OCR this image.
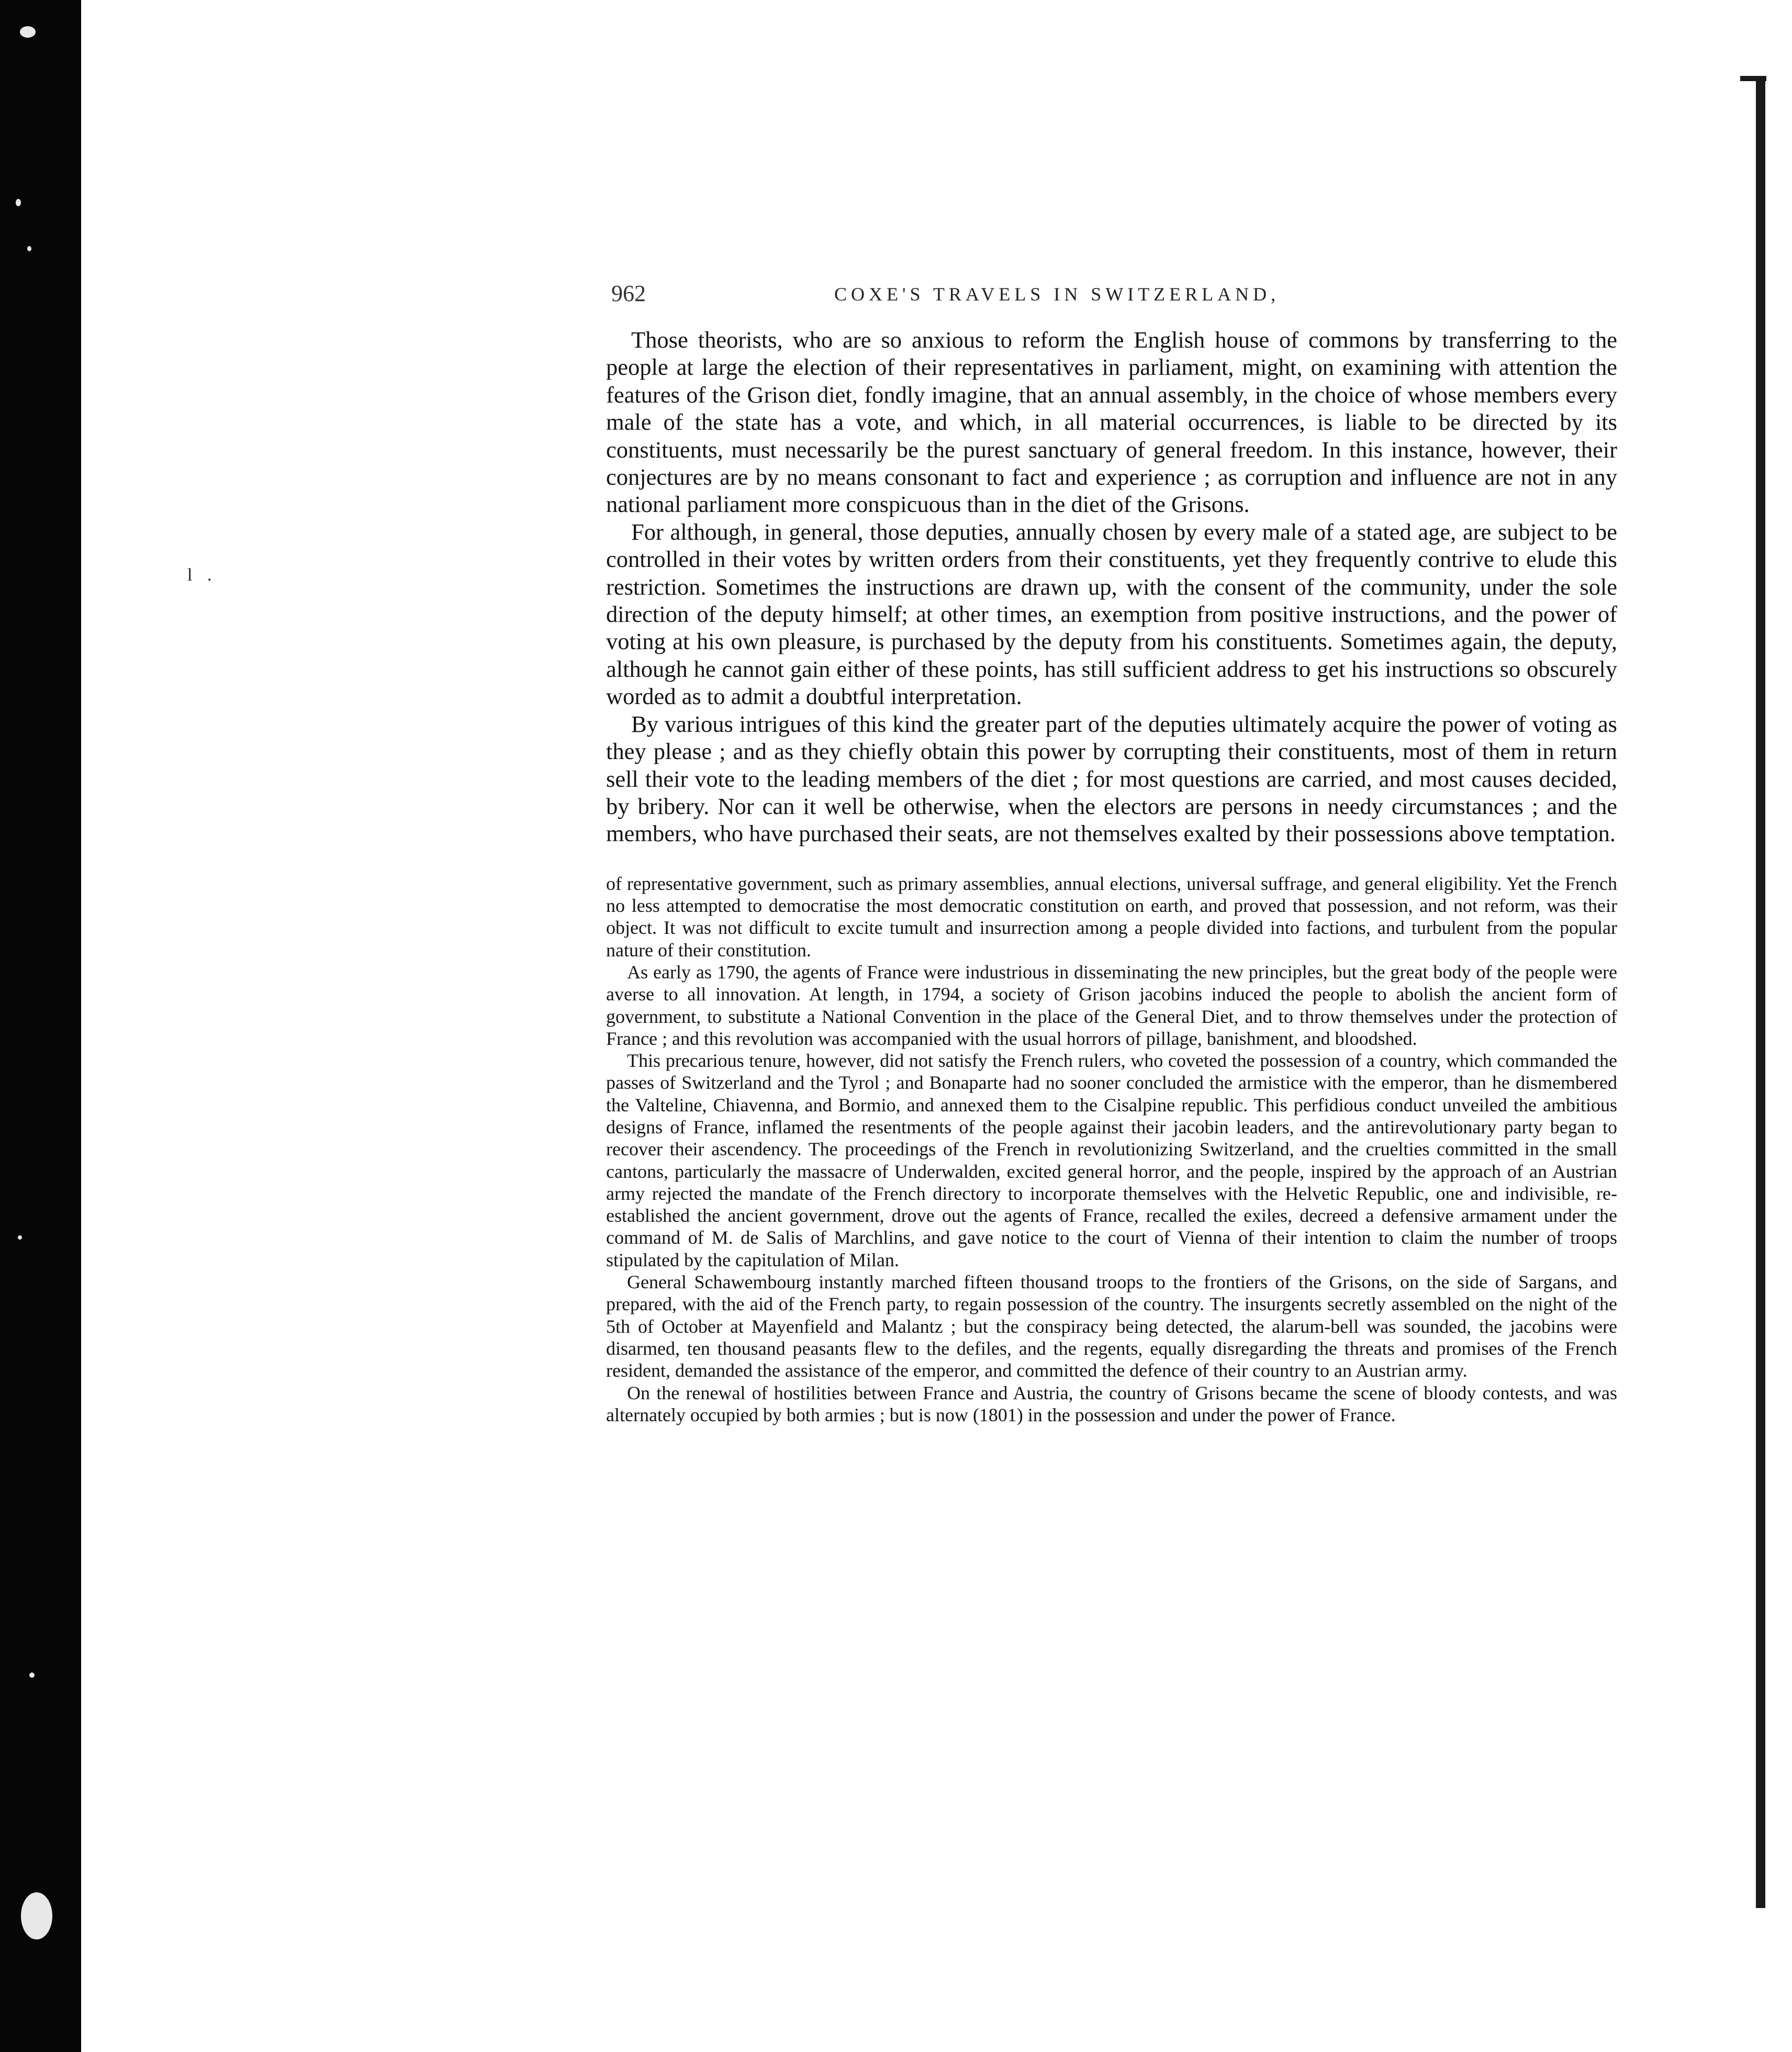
l .
962	COXE'S TRAVELS IN SWITZERLAND,

Those theorists, who are so anxious to reform the English house of commons by transferring to the people at large the election of their representatives in parliament, might, on examining with attention the features of the Grison diet, fondly imagine, that an annual assembly, in the choice of whose members every male of the state has a vote, and which, in all material occurrences, is liable to be directed by its constituents, must necessarily be the purest sanctuary of general freedom. In this instance, however, their conjectures are by no means consonant to fact and experience ; as corruption and influence are not in any national parliament more conspicuous than in the diet of the Grisons.

For although, in general, those deputies, annually chosen by every male of a stated age, are subject to be controlled in their votes by written orders from their constituents, yet they frequently contrive to elude this restriction. Sometimes the instructions are drawn up, with the consent of the community, under the sole direction of the deputy himself; at other times, an exemption from positive instructions, and the power of voting at his own pleasure, is purchased by the deputy from his constituents. Sometimes again, the deputy, although he cannot gain either of these points, has still sufficient address to get his instructions so obscurely worded as to admit a doubtful interpretation.

By various intrigues of this kind the greater part of the deputies ultimately acquire the power of voting as they please ; and as they chiefly obtain this power by corrupting their constituents, most of them in return sell their vote to the leading members of the diet ; for most questions are carried, and most causes decided, by bribery. Nor can it well be otherwise, when the electors are persons in needy circumstances ; and the members, who have purchased their seats, are not themselves exalted by their possessions above temptation.

of representative government, such as primary assemblies, annual elections, universal suffrage, and general eligibility. Yet the French no less attempted to democratise the most democratic constitution on earth, and proved that possession, and not reform, was their object. It was not difficult to excite tumult and insurrection among a people divided into factions, and turbulent from the popular nature of their constitution.

As early as 1790, the agents of France were industrious in disseminating the new principles, but the great body of the people were averse to all innovation. At length, in 1794, a society of Grison jacobins induced the people to abolish the ancient form of government, to substitute a National Convention in the place of the General Diet, and to throw themselves under the protection of France ; and this revolution was accompanied with the usual horrors of pillage, banishment, and bloodshed.

This precarious tenure, however, did not satisfy the French rulers, who coveted the possession of a country, which commanded the passes of Switzerland and the Tyrol ; and Bonaparte had no sooner concluded the armistice with the emperor, than he dismembered the Valteline, Chiavenna, and Bormio, and annexed them to the Cisalpine republic. This perfidious conduct unveiled the ambitious designs of France, inflamed the resentments of the people against their jacobin leaders, and the antirevolutionary party began to recover their ascendency. The proceedings of the French in revolutionizing Switzerland, and the cruelties committed in the small cantons, particularly the massacre of Underwalden, excited general horror, and the people, inspired by the approach of an Austrian army rejected the mandate of the French directory to incorporate themselves with the Helvetic Republic, one and indivisible, re-established the ancient government, drove out the agents of France, recalled the exiles, decreed a defensive armament under the command of M. de Salis of Marchlins, and gave notice to the court of Vienna of their intention to claim the number of troops stipulated by the capitulation of Milan.

General Schawembourg instantly marched fifteen thousand troops to the frontiers of the Grisons, on the side of Sargans, and prepared, with the aid of the French party, to regain possession of the country. The insurgents secretly assembled on the night of the 5th of October at Mayenfield and Malantz ; but the conspiracy being detected, the alarum-bell was sounded, the jacobins were disarmed, ten thousand peasants flew to the defiles, and the regents, equally disregarding the threats and promises of the French resident, demanded the assistance of the emperor, and committed the defence of their country to an Austrian army.

On the renewal of hostilities between France and Austria, the country of Grisons became the scene of bloody contests, and was alternately occupied by both armies ; but is now (1801) in the possession and under the power of France.
